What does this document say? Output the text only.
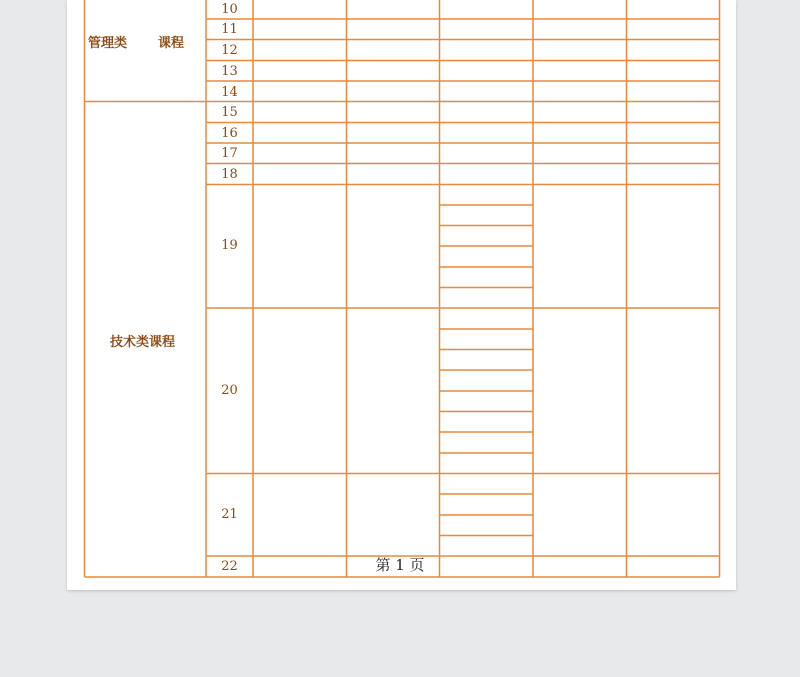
管理类 课程
技术类课程
10
11
12
13
14
15
16
17
18
19
20
21
22	第 1 页
